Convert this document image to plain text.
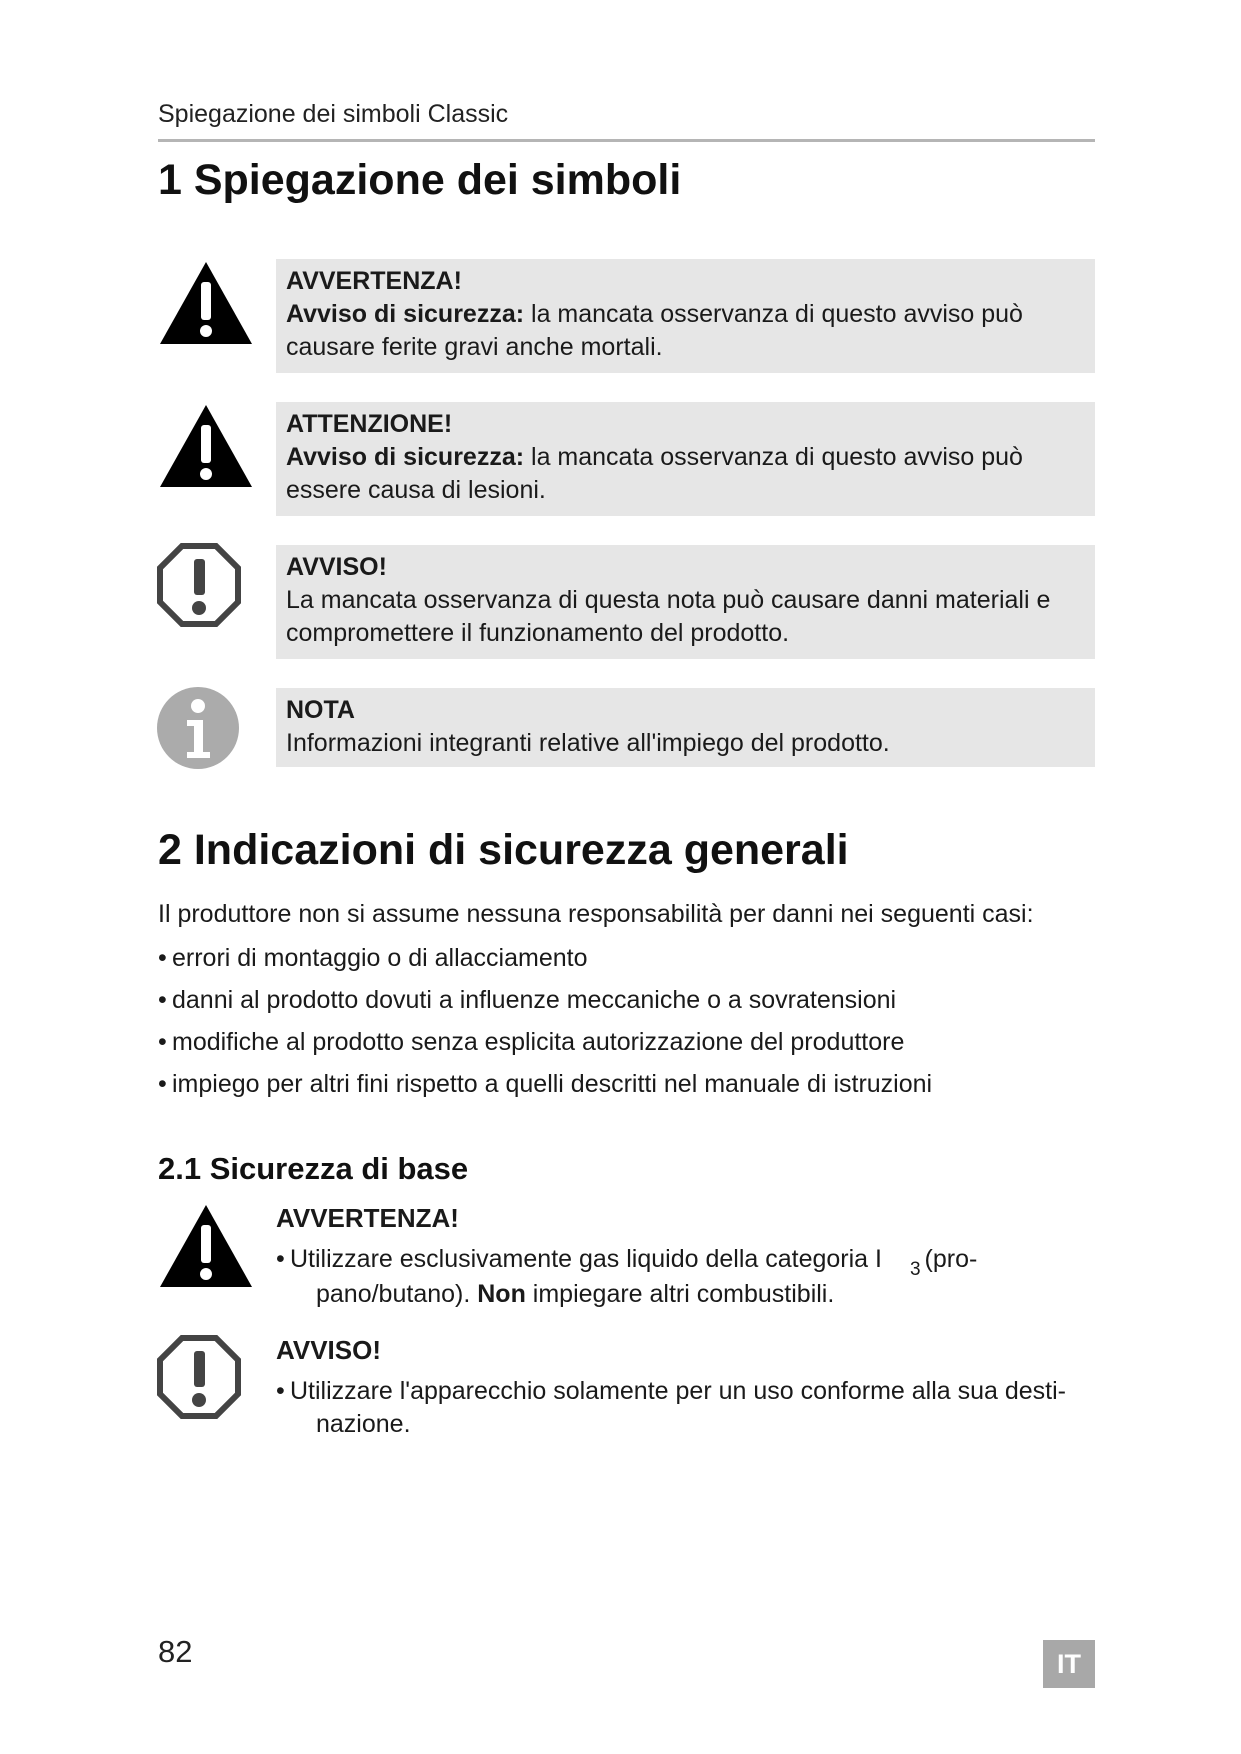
Spiegazione dei simboli Classic
1 Spiegazione dei simboli
AVVERTENZA!
Avviso di sicurezza: la mancata osservanza di questo avviso può
causare ferite gravi anche mortali.
ATTENZIONE!
Avviso di sicurezza: la mancata osservanza di questo avviso può
essere causa di lesioni.
AVVISO!
La mancata osservanza di questa nota può causare danni materiali e
compromettere il funzionamento del prodotto.
NOTA
Informazioni integranti relative all'impiego del prodotto.
2 Indicazioni di sicurezza generali
Il produttore non si assume nessuna responsabilità per danni nei seguenti casi:
• errori di montaggio o di allacciamento
• danni al prodotto dovuti a influenze meccaniche o a sovratensioni
• modifiche al prodotto senza esplicita autorizzazione del produttore
• impiego per altri fini rispetto a quelli descritti nel manuale di istruzioni
2.1 Sicurezza di base
AVVERTENZA!
• Utilizzare esclusivamente gas liquido della categoria I $_3$ (pro-
pano/butano). Non impiegare altri combustibili.
AVVISO!
• Utilizzare l'apparecchio solamente per un uso conforme alla sua desti-
nazione.
82	IT
